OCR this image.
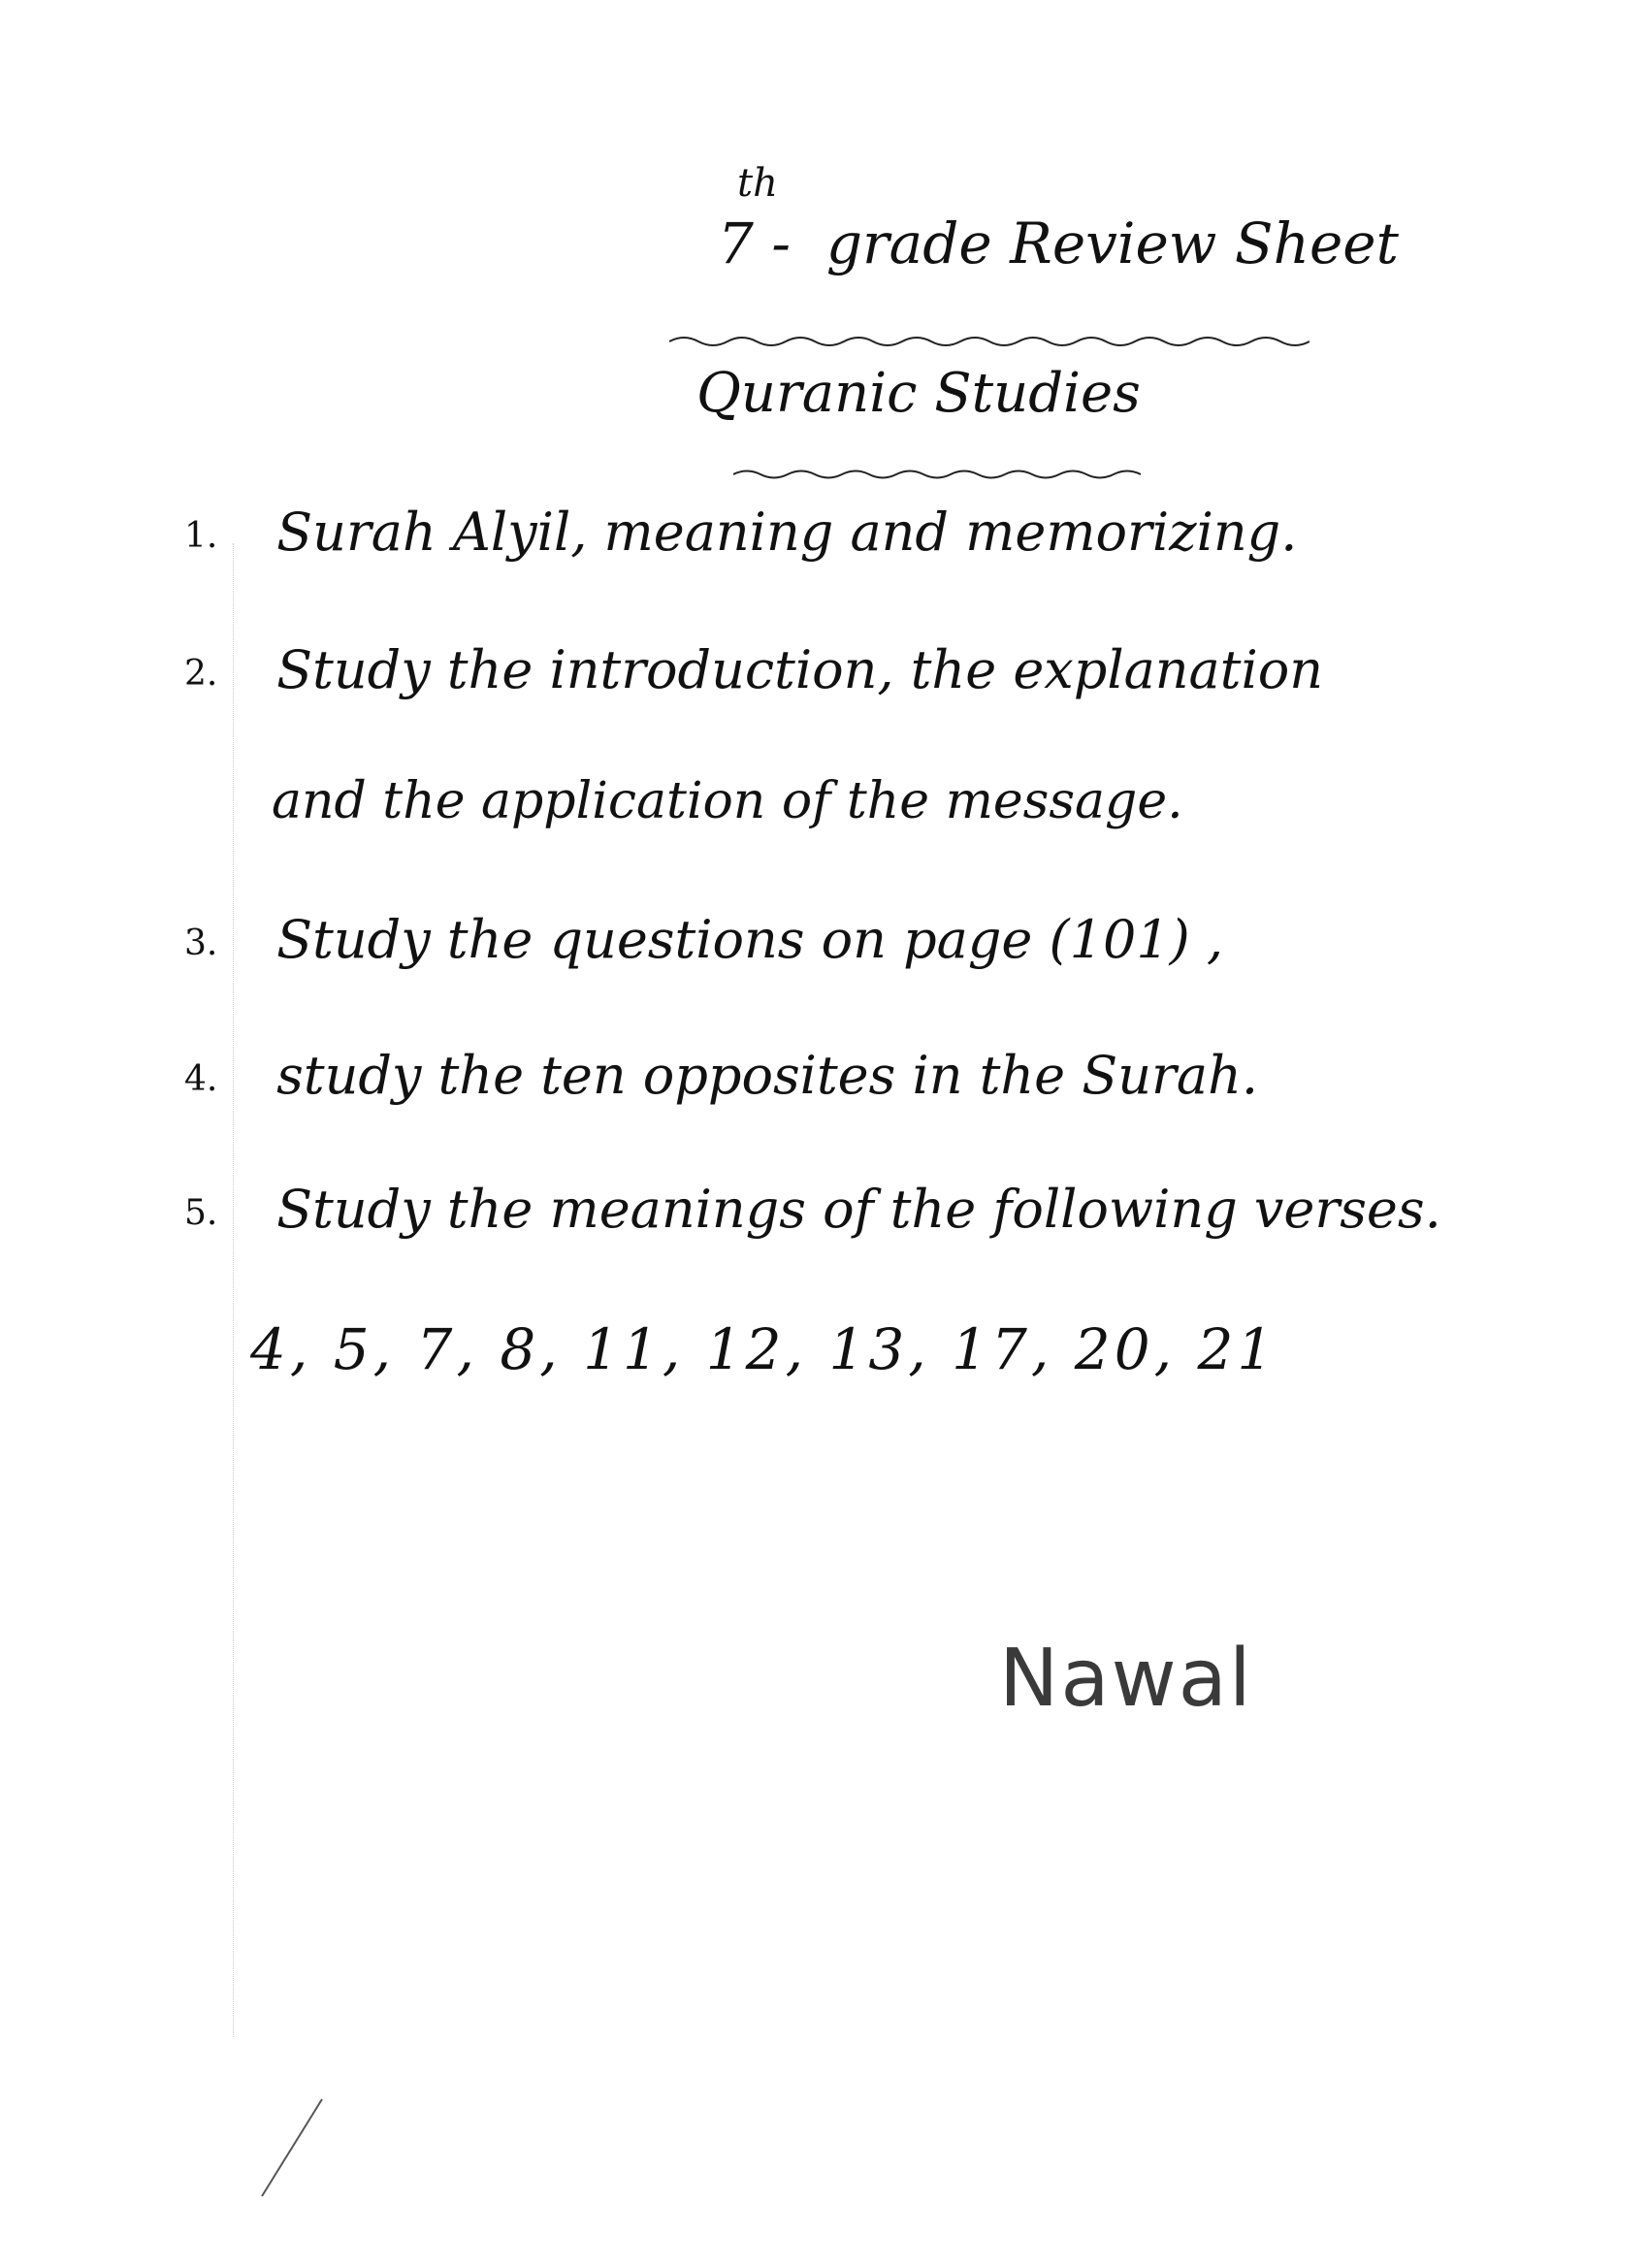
7
th
-  grade Review Sheet
Quranic Studies
1. Surah Alyil, meaning and memorizing.
2. Study the introduction, the explanation
and the application of the message.
3. Study the questions on page (101) ,
4. study the ten opposites in the Surah.
5. Study the meanings of the following verses.
4, 5, 7, 8, 11, 12, 13, 17, 20, 21
Nawal
